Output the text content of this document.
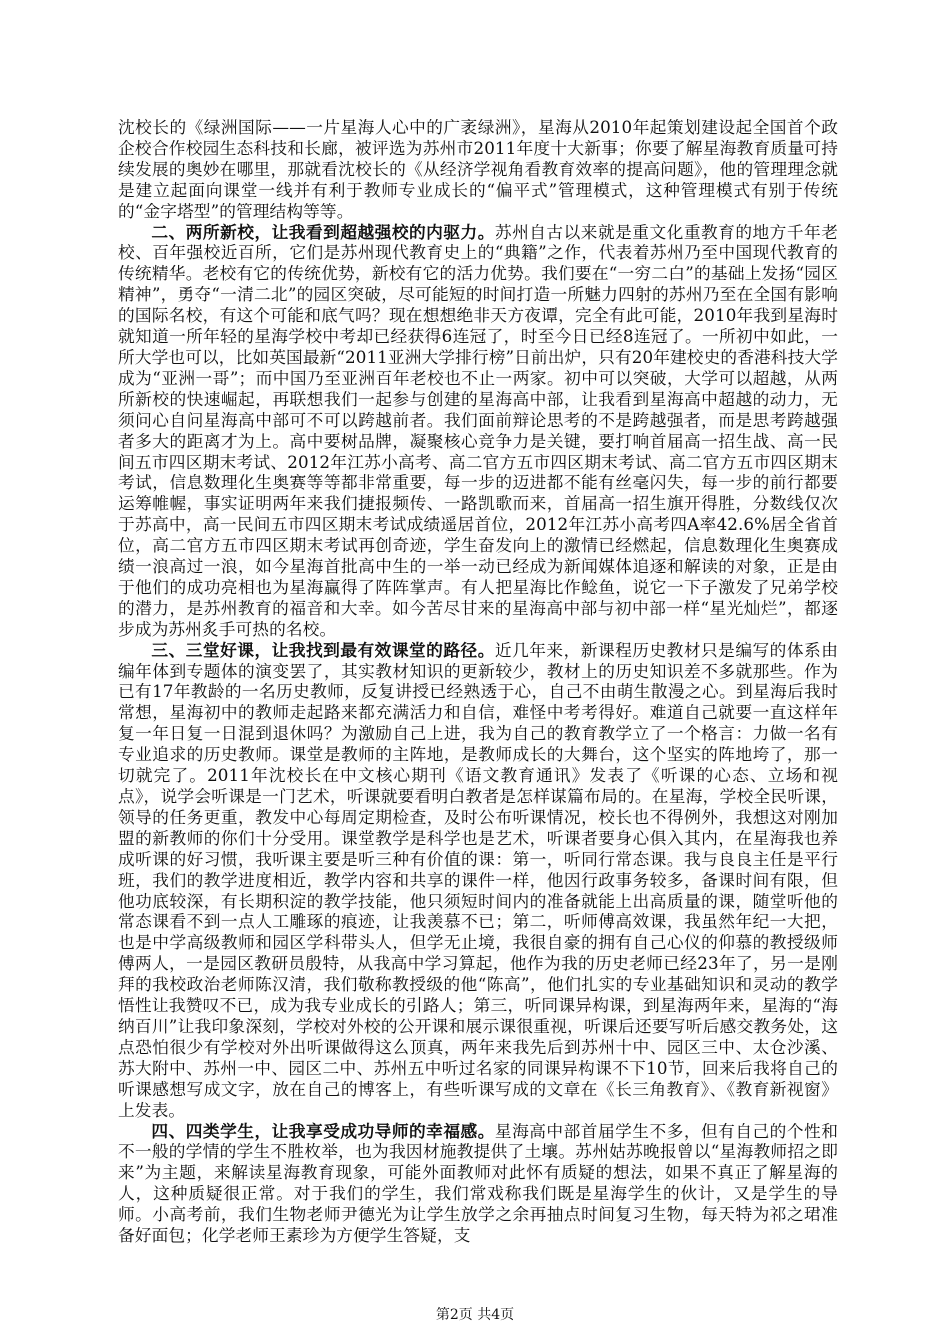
沈校长的《绿洲国际——一片星海人心中的广袤绿洲》，星海从2010年起策划建设起全国首个政企校合作校园生态科技和长廊，被评选为苏州市2011年度十大新事；你要了解星海教育质量可持续发展的奥妙在哪里，那就看沈校长的《从经济学视角看教育效率的提高问题》，他的管理理念就是建立起面向课堂一线并有利于教师专业成长的“偏平式”管理模式，这种管理模式有别于传统的“金字塔型”的管理结构等等。

二、两所新校，让我看到超越强校的内驱力。苏州自古以来就是重文化重教育的地方千年老校、百年强校近百所，它们是苏州现代教育史上的“典籍”之作，代表着苏州乃至中国现代教育的传统精华。老校有它的传统优势，新校有它的活力优势。我们要在“一穷二白”的基础上发扬“园区精神”，勇夺“一清二北”的园区突破，尽可能短的时间打造一所魅力四射的苏州乃至在全国有影响的国际名校，有这个可能和底气吗？现在想想绝非天方夜谭，完全有此可能，2010年我到星海时就知道一所年轻的星海学校中考却已经获得6连冠了，时至今日已经8连冠了。一所初中如此，一所大学也可以，比如英国最新“2011亚洲大学排行榜”日前出炉，只有20年建校史的香港科技大学成为“亚洲一哥”；而中国乃至亚洲百年老校也不止一两家。初中可以突破，大学可以超越，从两所新校的快速崛起，再联想我们一起参与创建的星海高中部，让我看到星海高中超越的动力，无须问心自问星海高中部可不可以跨越前者。我们面前辩论思考的不是跨越强者，而是思考跨越强者多大的距离才为上。高中要树品牌，凝聚核心竞争力是关键，要打响首届高一招生战、高一民间五市四区期末考试、2012年江苏小高考、高二官方五市四区期末考试、高二官方五市四区期末考试，信息数理化生奥赛等等都非常重要，每一步的迈进都不能有丝毫闪失，每一步的前行都要运筹帷幄，事实证明两年来我们捷报频传、一路凯歌而来，首届高一招生旗开得胜，分数线仅次于苏高中，高一民间五市四区期末考试成绩遥居首位，2012年江苏小高考四A率42.6%居全省首位，高二官方五市四区期末考试再创奇迹，学生奋发向上的激情已经燃起，信息数理化生奥赛成绩一浪高过一浪，如今星海首批高中生的一举一动已经成为新闻媒体追逐和解读的对象，正是由于他们的成功亮相也为星海赢得了阵阵掌声。有人把星海比作鲶鱼，说它一下子激发了兄弟学校的潜力，是苏州教育的福音和大幸。如今苦尽甘来的星海高中部与初中部一样“星光灿烂”，都逐步成为苏州炙手可热的名校。

三、三堂好课，让我找到最有效课堂的路径。近几年来，新课程历史教材只是编写的体系由编年体到专题体的演变罢了，其实教材知识的更新较少，教材上的历史知识差不多就那些。作为已有17年教龄的一名历史教师，反复讲授已经熟透于心，自己不由萌生散漫之心。到星海后我时常想，星海初中的教师走起路来都充满活力和自信，难怪中考考得好。难道自己就要一直这样年复一年日复一日混到退休吗？为激励自己上进，我为自己的教育教学立了一个格言：力做一名有专业追求的历史教师。课堂是教师的主阵地，是教师成长的大舞台，这个坚实的阵地垮了，那一切就完了。2011年沈校长在中文核心期刊《语文教育通讯》发表了《听课的心态、立场和视点》，说学会听课是一门艺术，听课就要看明白教者是怎样谋篇布局的。在星海，学校全民听课，领导的任务更重，教发中心每周定期检查，及时公布听课情况，校长也不得例外，我想这对刚加盟的新教师的你们十分受用。课堂教学是科学也是艺术，听课者要身心俱入其内，在星海我也养成听课的好习惯，我听课主要是听三种有价值的课：第一，听同行常态课。我与良良主任是平行班，我们的教学进度相近，教学内容和共享的课件一样，他因行政事务较多，备课时间有限，但他功底较深，有长期积淀的教学技能，他只须短时间内的准备就能上出高质量的课，随堂听他的常态课看不到一点人工雕琢的痕迹，让我羡慕不已；第二，听师傅高效课，我虽然年纪一大把，也是中学高级教师和园区学科带头人，但学无止境，我很自豪的拥有自己心仪的仰慕的教授级师傅两人，一是园区教研员殷特，从我高中学习算起，他作为我的历史老师已经23年了，另一是刚拜的我校政治老师陈汉清，我们敬称教授级的他“陈高”，他们扎实的专业基础知识和灵动的教学悟性让我赞叹不已，成为我专业成长的引路人；第三，听同课异构课，到星海两年来，星海的“海纳百川”让我印象深刻，学校对外校的公开课和展示课很重视，听课后还要写听后感交教务处，这点恐怕很少有学校对外出听课做得这么顶真，两年来我先后到苏州十中、园区三中、太仓沙溪、苏大附中、苏州一中、园区二中、苏州五中听过名家的同课异构课不下10节，回来后我将自己的听课感想写成文字，放在自己的博客上，有些听课写成的文章在《长三角教育》、《教育新视窗》上发表。

四、四类学生，让我享受成功导师的幸福感。星海高中部首届学生不多，但有自己的个性和不一般的学情的学生不胜枚举，也为我因材施教提供了土壤。苏州姑苏晚报曾以“星海教师招之即来”为主题，来解读星海教育现象，可能外面教师对此怀有质疑的想法，如果不真正了解星海的人，这种质疑很正常。对于我们的学生，我们常戏称我们既是星海学生的伙计，又是学生的导师。小高考前，我们生物老师尹德光为让学生放学之余再抽点时间复习生物，每天特为祁之珺准备好面包；化学老师王素珍为方便学生答疑，支

第2页 共4页
